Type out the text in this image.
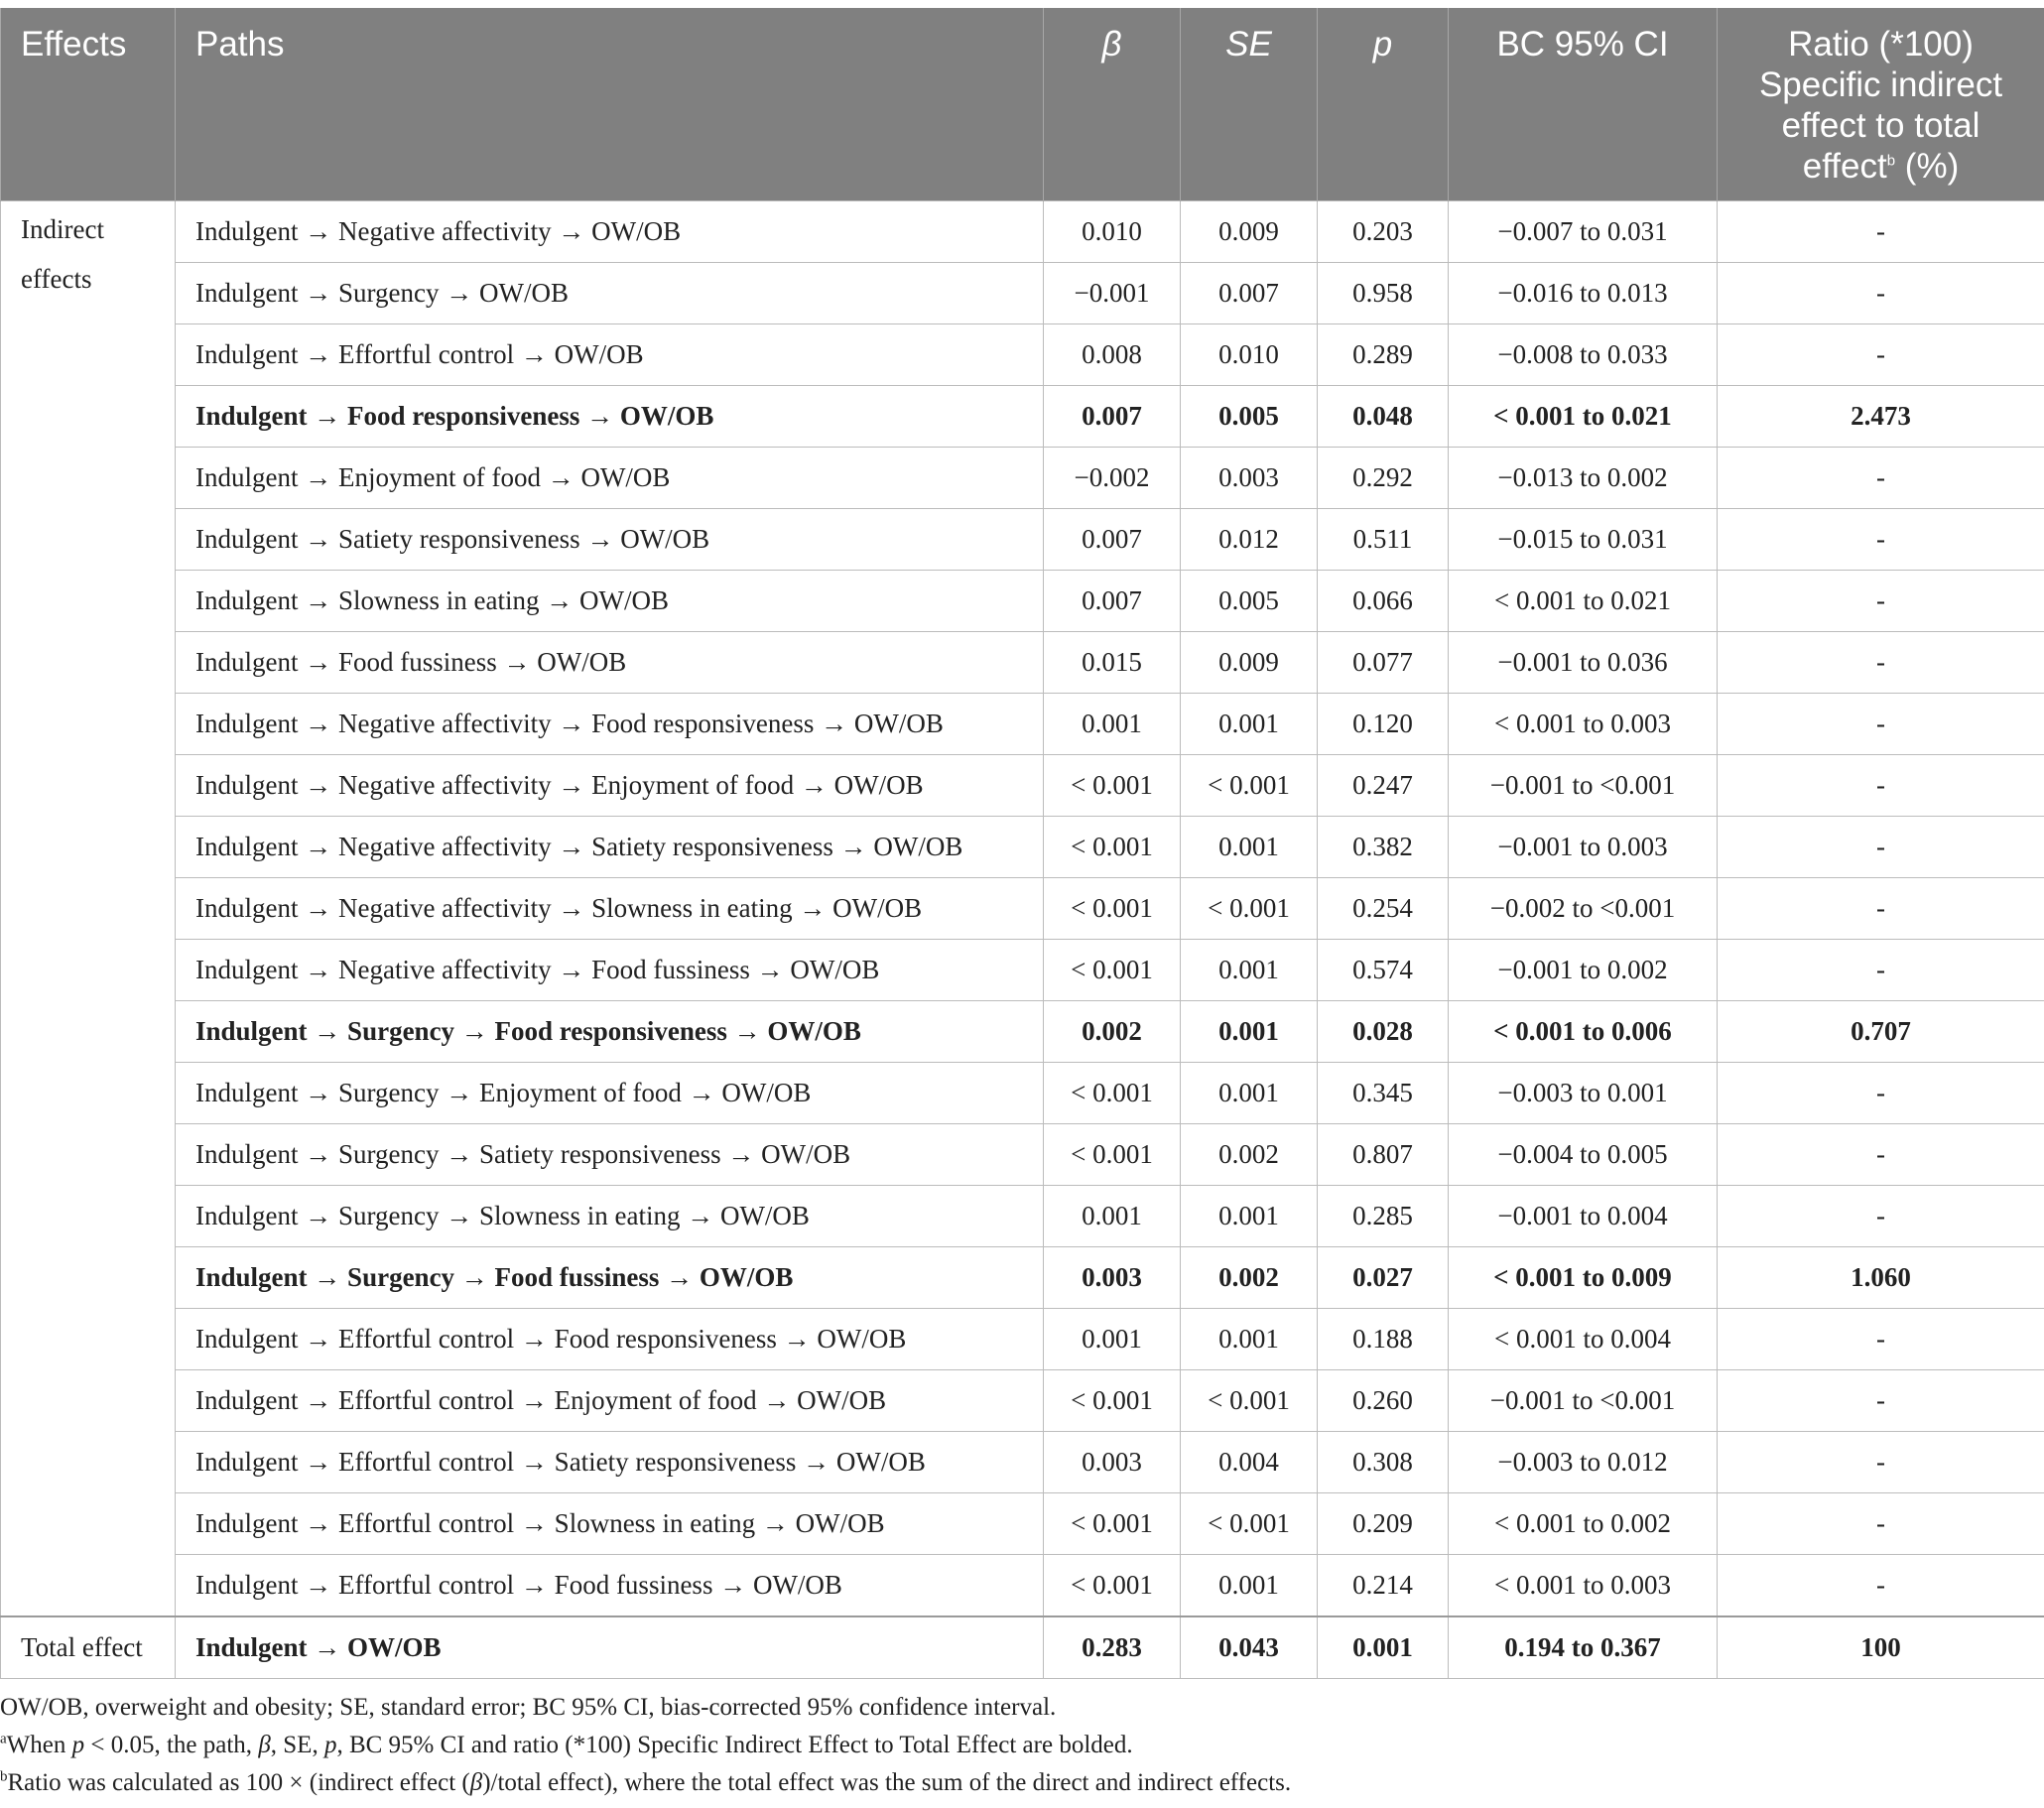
Effects	Paths	β	SE	p	BC 95% CI	Ratio (*100)
Specific indirect
effect to total
effect$^b$ (%)
Indirect effects	Indulgent → Negative affectivity → OW/OB	0.010	0.009	0.203	−0.007 to 0.031	-
	Indulgent → Surgency → OW/OB	−0.001	0.007	0.958	−0.016 to 0.013	-
	Indulgent → Effortful control → OW/OB	0.008	0.010	0.289	−0.008 to 0.033	-
	Indulgent → Food responsiveness → OW/OB	0.007	0.005	0.048	< 0.001 to 0.021	2.473
	Indulgent → Enjoyment of food → OW/OB	−0.002	0.003	0.292	−0.013 to 0.002	-
	Indulgent → Satiety responsiveness → OW/OB	0.007	0.012	0.511	−0.015 to 0.031	-
	Indulgent → Slowness in eating → OW/OB	0.007	0.005	0.066	< 0.001 to 0.021	-
	Indulgent → Food fussiness → OW/OB	0.015	0.009	0.077	−0.001 to 0.036	-
	Indulgent → Negative affectivity → Food responsiveness → OW/OB	0.001	0.001	0.120	< 0.001 to 0.003	-
	Indulgent → Negative affectivity → Enjoyment of food → OW/OB	< 0.001	< 0.001	0.247	−0.001 to <0.001	-
	Indulgent → Negative affectivity → Satiety responsiveness → OW/OB	< 0.001	0.001	0.382	−0.001 to 0.003	-
	Indulgent → Negative affectivity → Slowness in eating → OW/OB	< 0.001	< 0.001	0.254	−0.002 to <0.001	-
	Indulgent → Negative affectivity → Food fussiness → OW/OB	< 0.001	0.001	0.574	−0.001 to 0.002	-
	Indulgent → Surgency → Food responsiveness → OW/OB	0.002	0.001	0.028	< 0.001 to 0.006	0.707
	Indulgent → Surgency → Enjoyment of food → OW/OB	< 0.001	0.001	0.345	−0.003 to 0.001	-
	Indulgent → Surgency → Satiety responsiveness → OW/OB	< 0.001	0.002	0.807	−0.004 to 0.005	-
	Indulgent → Surgency → Slowness in eating → OW/OB	0.001	0.001	0.285	−0.001 to 0.004	-
	Indulgent → Surgency → Food fussiness → OW/OB	0.003	0.002	0.027	< 0.001 to 0.009	1.060
	Indulgent → Effortful control → Food responsiveness → OW/OB	0.001	0.001	0.188	< 0.001 to 0.004	-
	Indulgent → Effortful control → Enjoyment of food → OW/OB	< 0.001	< 0.001	0.260	−0.001 to <0.001	-
	Indulgent → Effortful control → Satiety responsiveness → OW/OB	0.003	0.004	0.308	−0.003 to 0.012	-
	Indulgent → Effortful control → Slowness in eating → OW/OB	< 0.001	< 0.001	0.209	< 0.001 to 0.002	-
	Indulgent → Effortful control → Food fussiness → OW/OB	< 0.001	0.001	0.214	< 0.001 to 0.003	-
Total effect	Indulgent → OW/OB	0.283	0.043	0.001	0.194 to 0.367	100

OW/OB, overweight and obesity; SE, standard error; BC 95% CI, bias-corrected 95% confidence interval.

$^a$When p < 0.05, the path, β, SE, p, BC 95% CI and ratio (*100) Specific Indirect Effect to Total Effect are bolded.

$^b$Ratio was calculated as 100 × (indirect effect (β)/total effect), where the total effect was the sum of the direct and indirect effects.
